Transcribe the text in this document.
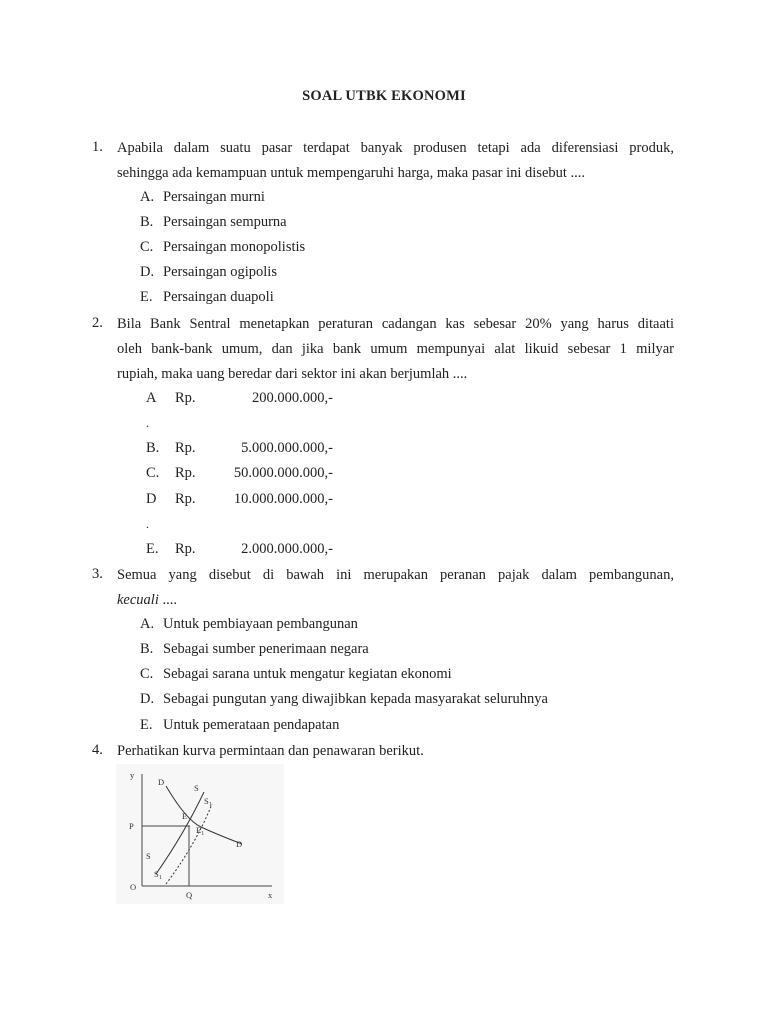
SOAL UTBK EKONOMI
1. Apabila dalam suatu pasar terdapat banyak produsen tetapi ada diferensiasi produk,
sehingga ada kemampuan untuk mempengaruhi harga, maka pasar ini disebut ....
A. Persaingan murni
B. Persaingan sempurna
C. Persaingan monopolistis
D. Persaingan ogipolis
E. Persaingan duapoli
2. Bila Bank Sentral menetapkan peraturan cadangan kas sebesar 20% yang harus ditaati
oleh bank-bank umum, dan jika bank umum mempunyai alat likuid sebesar 1 milyar
rupiah, maka uang beredar dari sektor ini akan berjumlah ....
A Rp.	200.000.000,-
.
B. Rp.	5.000.000.000,-
C. Rp.	50.000.000.000,-
D Rp.	10.000.000.000,-
.
E. Rp.	2.000.000.000,-
3. Semua yang disebut di bawah ini merupakan peranan pajak dalam pembangunan,
kecuali ....
A. Untuk pembiayaan pembangunan
B. Sebagai sumber penerimaan negara
C. Sebagai sarana untuk mengatur kegiatan ekonomi
D. Sebagai pungutan yang diwajibkan kepada masyarakat seluruhnya
E. Untuk pemerataan pendapatan
4. Perhatikan kurva permintaan dan penawaran berikut.
y
x
O
P
Q
D
D
S
$S_1$
S
$S_1$
E
$E_1$
